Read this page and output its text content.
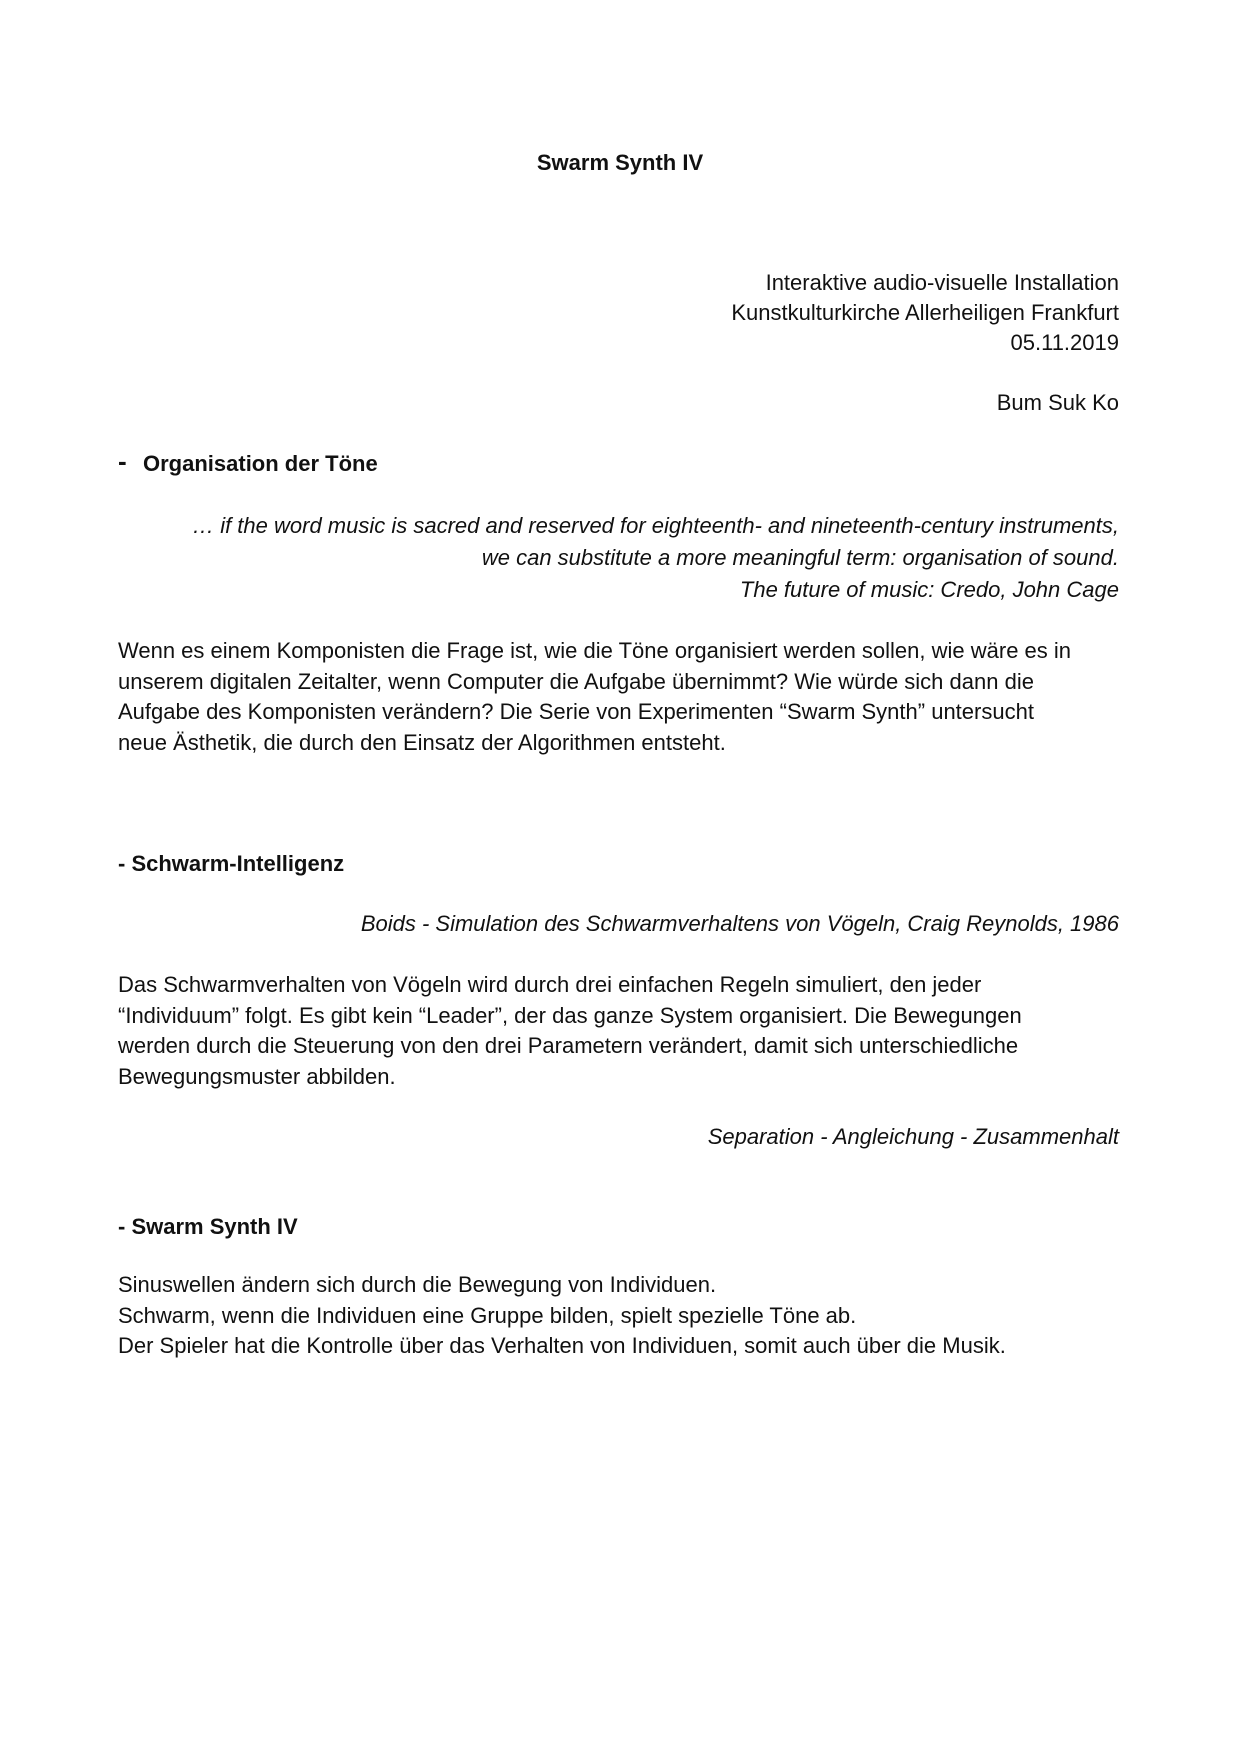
Swarm Synth IV
Interaktive audio-visuelle Installation
Kunstkulturkirche Allerheiligen Frankfurt
05.11.2019
Bum Suk Ko
- Organisation der Töne
… if the word music is sacred and reserved for eighteenth- and nineteenth-century instruments,
we can substitute a more meaningful term: organisation of sound.
The future of music: Credo, John Cage
Wenn es einem Komponisten die Frage ist, wie die Töne organisiert werden sollen, wie wäre es in
unserem digitalen Zeitalter, wenn Computer die Aufgabe übernimmt? Wie würde sich dann die
Aufgabe des Komponisten verändern? Die Serie von Experimenten “Swarm Synth” untersucht
neue Ästhetik, die durch den Einsatz der Algorithmen entsteht.
- Schwarm-Intelligenz
Boids - Simulation des Schwarmverhaltens von Vögeln, Craig Reynolds, 1986
Das Schwarmverhalten von Vögeln wird durch drei einfachen Regeln simuliert, den jeder
“Individuum” folgt. Es gibt kein “Leader”, der das ganze System organisiert. Die Bewegungen
werden durch die Steuerung von den drei Parametern verändert, damit sich unterschiedliche
Bewegungsmuster abbilden.
Separation - Angleichung - Zusammenhalt
- Swarm Synth IV
Sinuswellen ändern sich durch die Bewegung von Individuen.
Schwarm, wenn die Individuen eine Gruppe bilden, spielt spezielle Töne ab.
Der Spieler hat die Kontrolle über das Verhalten von Individuen, somit auch über die Musik.
